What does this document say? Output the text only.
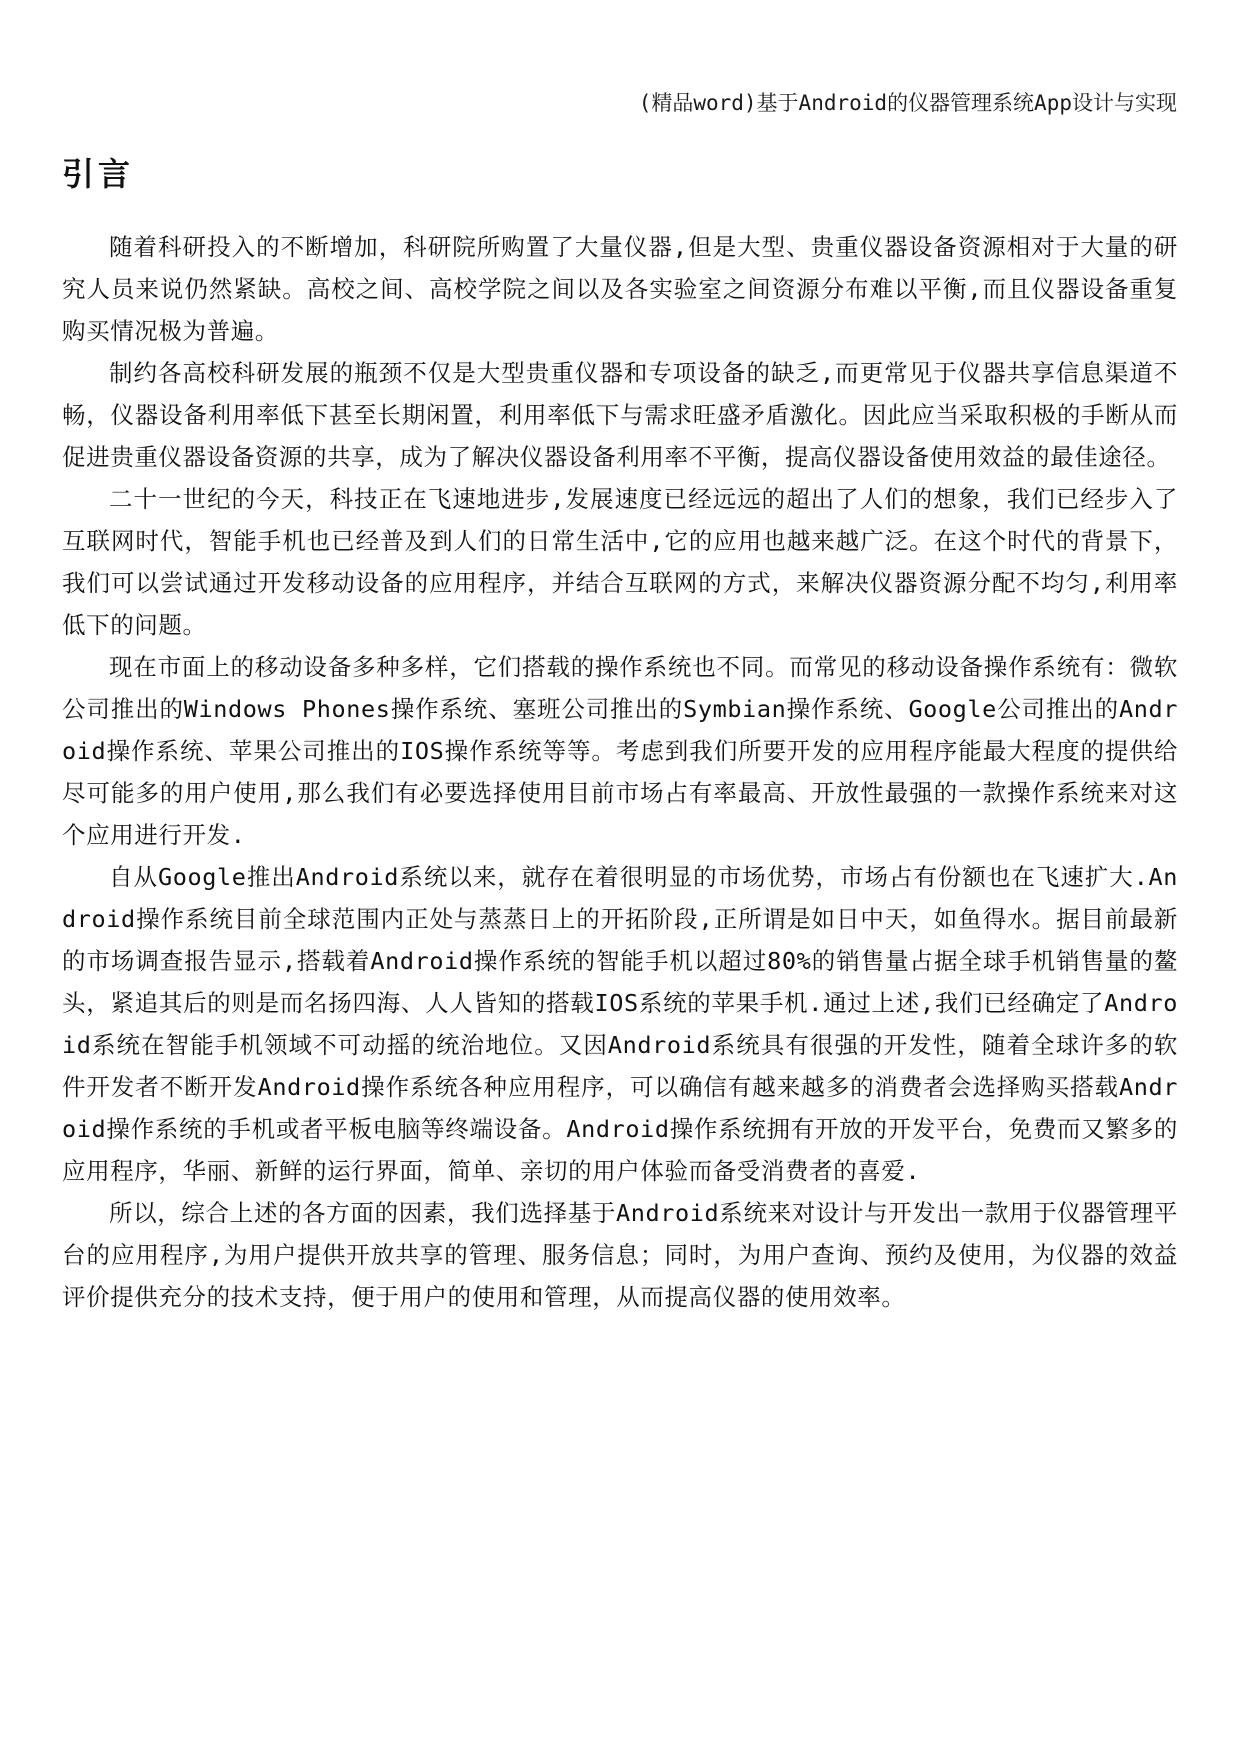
(精品word)基于Android的仪器管理系统App设计与实现
引言

随着科研投入的不断增加，科研院所购置了大量仪器,但是大型、贵重仪器设备资源相对于大量的研究人员来说仍然紧缺。高校之间、高校学院之间以及各实验室之间资源分布难以平衡,而且仪器设备重复购买情况极为普遍。

制约各高校科研发展的瓶颈不仅是大型贵重仪器和专项设备的缺乏,而更常见于仪器共享信息渠道不畅，仪器设备利用率低下甚至长期闲置，利用率低下与需求旺盛矛盾激化。因此应当采取积极的手断从而促进贵重仪器设备资源的共享，成为了解决仪器设备利用率不平衡，提高仪器设备使用效益的最佳途径。

二十一世纪的今天，科技正在飞速地进步,发展速度已经远远的超出了人们的想象，我们已经步入了互联网时代，智能手机也已经普及到人们的日常生活中,它的应用也越来越广泛。在这个时代的背景下，我们可以尝试通过开发移动设备的应用程序，并结合互联网的方式，来解决仪器资源分配不均匀,利用率低下的问题。

现在市面上的移动设备多种多样，它们搭载的操作系统也不同。而常见的移动设备操作系统有：微软公司推出的Windows Phones操作系统、塞班公司推出的Symbian操作系统、Google公司推出的Android操作系统、苹果公司推出的IOS操作系统等等。考虑到我们所要开发的应用程序能最大程度的提供给尽可能多的用户使用,那么我们有必要选择使用目前市场占有率最高、开放性最强的一款操作系统来对这个应用进行开发.

自从Google推出Android系统以来，就存在着很明显的市场优势，市场占有份额也在飞速扩大.Android操作系统目前全球范围内正处与蒸蒸日上的开拓阶段,正所谓是如日中天，如鱼得水。据目前最新的市场调查报告显示,搭载着Android操作系统的智能手机以超过80%的销售量占据全球手机销售量的鳌头，紧追其后的则是而名扬四海、人人皆知的搭载IOS系统的苹果手机.通过上述,我们已经确定了Android系统在智能手机领域不可动摇的统治地位。又因Android系统具有很强的开发性，随着全球许多的软件开发者不断开发Android操作系统各种应用程序，可以确信有越来越多的消费者会选择购买搭载Android操作系统的手机或者平板电脑等终端设备。Android操作系统拥有开放的开发平台，免费而又繁多的应用程序，华丽、新鲜的运行界面，简单、亲切的用户体验而备受消费者的喜爱.

所以，综合上述的各方面的因素，我们选择基于Android系统来对设计与开发出一款用于仪器管理平台的应用程序,为用户提供开放共享的管理、服务信息；同时，为用户查询、预约及使用，为仪器的效益评价提供充分的技术支持，便于用户的使用和管理，从而提高仪器的使用效率。
